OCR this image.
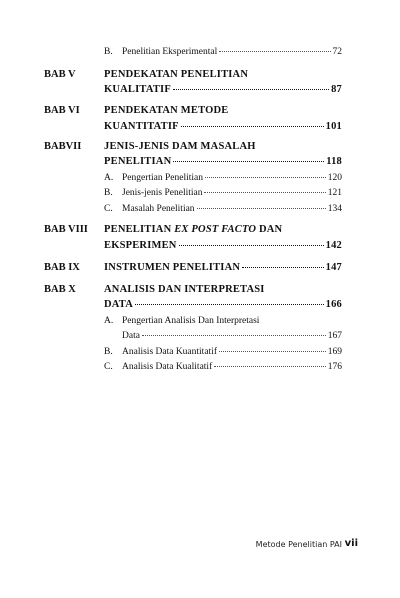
B. Penelitian Eksperimental	72
BAB V	PENDEKATAN PENELITIAN
KUALITATIF	87
BAB VI PENDEKATAN METODE
KUANTITATIF	101
BABVII JENIS-JENIS DAM MASALAH
PENELITIAN	118
A. Pengertian Penelitian	120
B. Jenis-jenis Penelitian	121
C. Masalah Penelitian	134
BAB VIII PENELITIAN EX POST FACTO DAN
EKSPERIMEN	142
BAB IX INSTRUMEN PENELITIAN	147
BAB X	ANALISIS DAN INTERPRETASI
DATA	166
A. Pengertian Analisis Dan Interpretasi
Data	167
B. Analisis Data Kuantitatif	169
C. Analisis Data Kualitatif	176
Metode Penelitian PAI vii
